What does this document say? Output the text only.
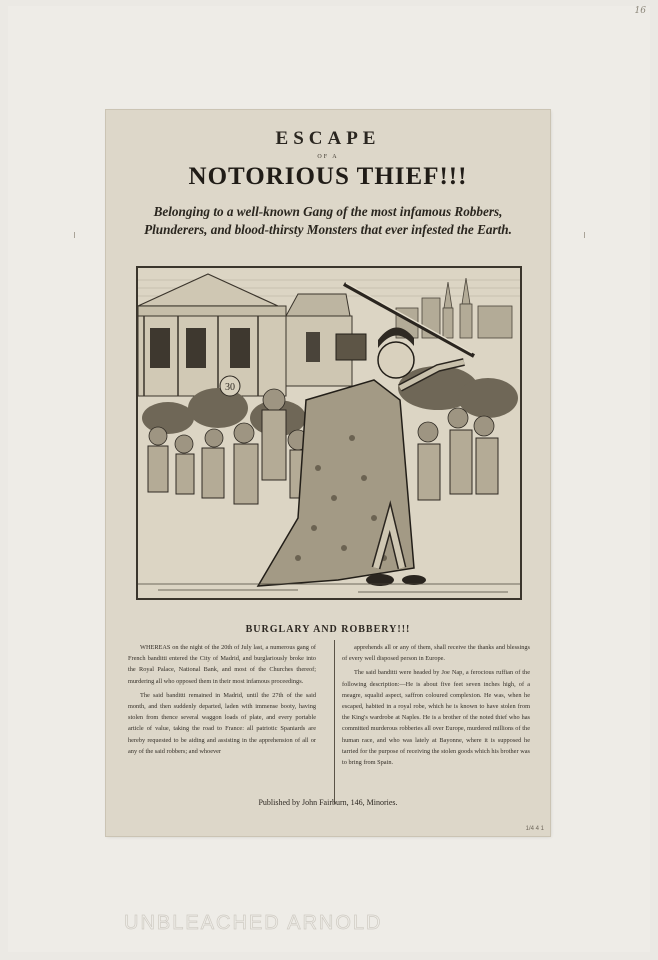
16
ESCAPE
OF A
NOTORIOUS THIEF!!!
Belonging to a well-known Gang of the most infamous Robbers,
Plunderers, and blood-thirsty Monsters that ever infested the Earth.
30
BURGLARY AND ROBBERY!!!

WHEREAS on the night of the 20th of July last, a numerous gang of French banditti entered the City of Madrid, and burglariously broke into the Royal Palace, National Bank, and most of the Churches thereof; murdering all who opposed them in their most infamous proceedings.

The said banditti remained in Madrid, until the 27th of the said month, and then suddenly departed, laden with immense booty, having stolen from thence several waggon loads of plate, and every portable article of value, taking the road to France: all patriotic Spaniards are hereby requested to be aiding and assisting in the apprehension of all or any of the said robbers; and whoever

apprehends all or any of them, shall receive the thanks and blessings of every well disposed person in Europe.

The said banditti were headed by Joe Nap, a ferocious ruffian of the following description:—He is about five feet seven inches high, of a meagre, squalid aspect, saffron coloured complexion. He was, when he escaped, habited in a royal robe, which he is known to have stolen from the King's wardrobe at Naples. He is a brother of the noted thief who has committed murderous robberies all over Europe, murdered millions of the human race, and who was lately at Bayonne, where it is supposed he tarried for the purpose of receiving the stolen goods which his brother was to bring from Spain.

Published by John Fairburn, 146, Minories.
1/4 4 1
UNBLEACHED ARNOLD
